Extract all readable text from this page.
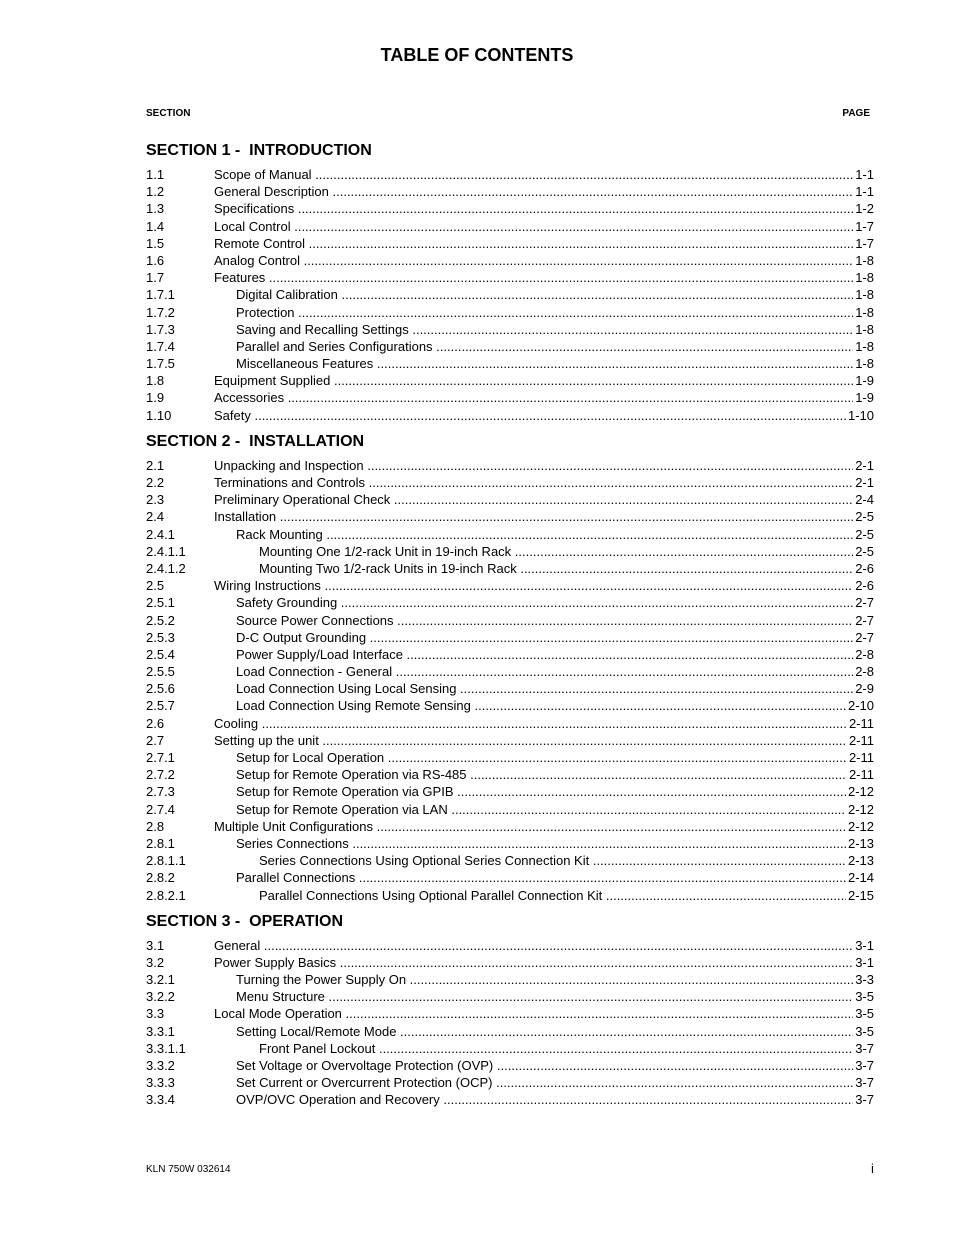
TABLE OF CONTENTS
SECTION	PAGE
SECTION 1 -  INTRODUCTION
1.1	Scope of Manual .....	1-1
1.2	General Description .....	1-1
1.3	Specifications .....	1-2
1.4	Local Control .....	1-7
1.5	Remote Control .....	1-7
1.6	Analog Control .....	1-8
1.7	Features .....	1-8
1.7.1	Digital Calibration .....	1-8
1.7.2	Protection .....	1-8
1.7.3	Saving and Recalling Settings .....	1-8
1.7.4	Parallel and Series Configurations .....	1-8
1.7.5	Miscellaneous Features .....	1-8
1.8	Equipment Supplied .....	1-9
1.9	Accessories .....	1-9
1.10	Safety .....	1-10
SECTION 2 -  INSTALLATION
2.1	Unpacking and Inspection .....	2-1
2.2	Terminations and Controls .....	2-1
2.3	Preliminary Operational Check .....	2-4
2.4	Installation .....	2-5
2.4.1	Rack Mounting .....	2-5
2.4.1.1	Mounting One 1/2-rack Unit in 19-inch Rack .....	2-5
2.4.1.2	Mounting Two 1/2-rack Units in 19-inch Rack .....	2-6
2.5	Wiring Instructions .....	2-6
2.5.1	Safety Grounding .....	2-7
2.5.2	Source Power Connections .....	2-7
2.5.3	D-C Output Grounding .....	2-7
2.5.4	Power Supply/Load Interface .....	2-8
2.5.5	Load Connection - General .....	2-8
2.5.6	Load Connection Using Local Sensing .....	2-9
2.5.7	Load Connection Using Remote Sensing .....	2-10
2.6	Cooling .....	2-11
2.7	Setting up the unit .....	2-11
2.7.1	Setup for Local Operation .....	2-11
2.7.2	Setup for Remote Operation via RS-485 .....	2-11
2.7.3	Setup for Remote Operation via GPIB .....	2-12
2.7.4	Setup for Remote Operation via LAN .....	2-12
2.8	Multiple Unit Configurations .....	2-12
2.8.1	Series Connections .....	2-13
2.8.1.1	Series Connections Using Optional Series Connection Kit .....	2-13
2.8.2	Parallel Connections .....	2-14
2.8.2.1	Parallel Connections Using Optional Parallel Connection Kit .....	2-15
SECTION 3 -  OPERATION
3.1	General .....	3-1
3.2	Power Supply Basics .....	3-1
3.2.1	Turning the Power Supply On .....	3-3
3.2.2	Menu Structure .....	3-5
3.3	Local Mode Operation .....	3-5
3.3.1	Setting Local/Remote Mode .....	3-5
3.3.1.1	Front Panel Lockout .....	3-7
3.3.2	Set Voltage or Overvoltage Protection (OVP) .....	3-7
3.3.3	Set Current or Overcurrent Protection (OCP) .....	3-7
3.3.4	OVP/OVC Operation and Recovery .....	3-7
KLN 750W 032614	i
